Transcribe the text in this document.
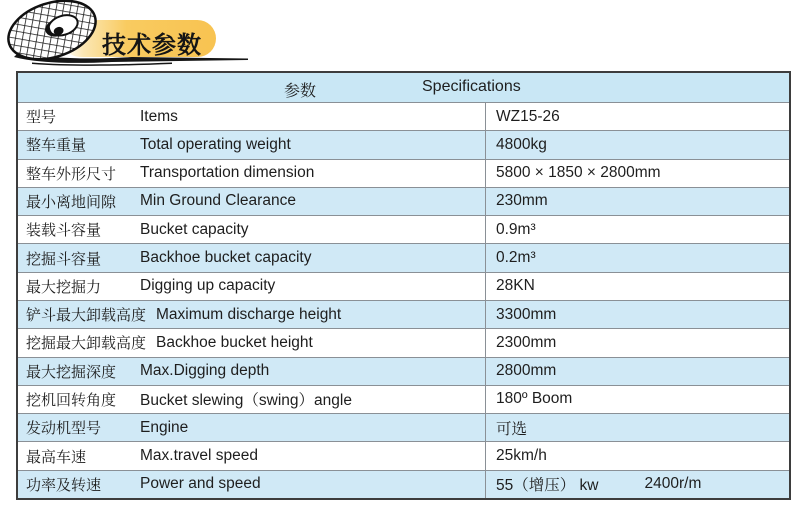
技术参数
参数	Specifications
型号	Items	WZ15-26
整车重量	Total operating weight	4800kg
整车外形尺寸	Transportation dimension	5800 × 1850 × 2800mm
最小离地间隙	Min Ground Clearance	230mm
装载斗容量	Bucket capacity	0.9m³
挖掘斗容量	Backhoe bucket capacity	0.2m³
最大挖掘力	Digging up capacity	28KN
铲斗最大卸载高度 Maximum discharge height	3300mm
挖掘最大卸载高度 Backhoe bucket height	2300mm
最大挖掘深度	Max.Digging depth	2800mm
挖机回转角度	Bucket slewing（swing）angle	180º Boom
发动机型号	Engine	可选
最高车速	Max.travel speed	25km/h
功率及转速	Power and speed	55（增压） kw	2400r/m
